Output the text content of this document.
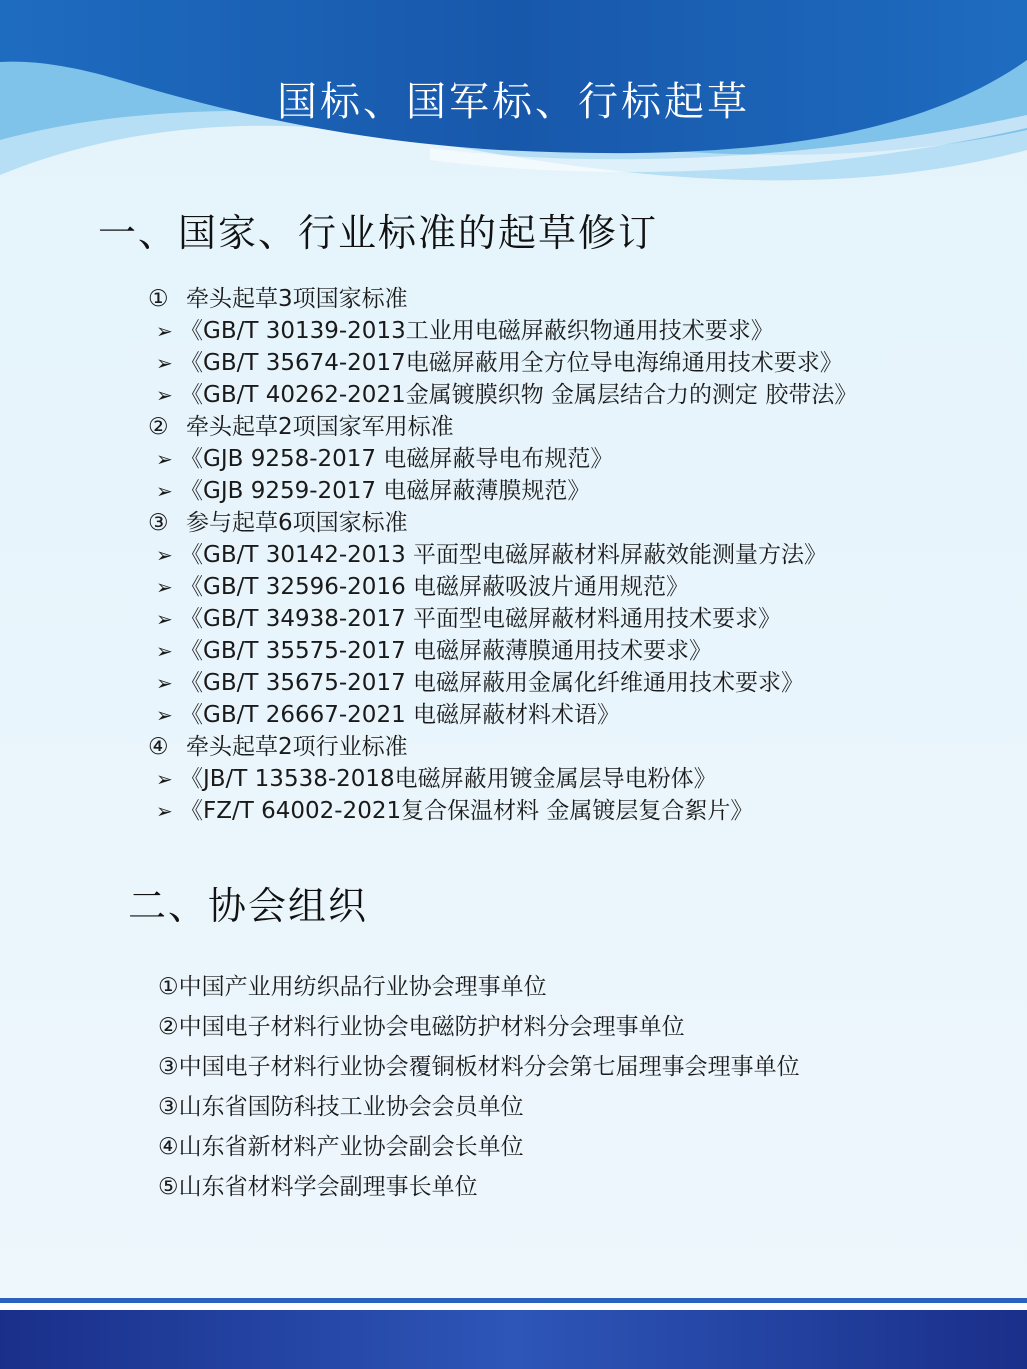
国标、国军标、行标起草
一、国家、行业标准的起草修订
① 牵头起草3项国家标准
➢ 《GB/T 30139-2013工业用电磁屏蔽织物通用技术要求》
➢ 《GB/T 35674-2017电磁屏蔽用全方位导电海绵通用技术要求》
➢ 《GB/T 40262-2021金属镀膜织物 金属层结合力的测定 胶带法》
② 牵头起草2项国家军用标准
➢ 《GJB 9258-2017 电磁屏蔽导电布规范》
➢ 《GJB 9259-2017 电磁屏蔽薄膜规范》
③ 参与起草6项国家标准
➢ 《GB/T 30142-2013 平面型电磁屏蔽材料屏蔽效能测量方法》
➢ 《GB/T 32596-2016 电磁屏蔽吸波片通用规范》
➢ 《GB/T 34938-2017 平面型电磁屏蔽材料通用技术要求》
➢ 《GB/T 35575-2017 电磁屏蔽薄膜通用技术要求》
➢ 《GB/T 35675-2017 电磁屏蔽用金属化纤维通用技术要求》
➢ 《GB/T 26667-2021 电磁屏蔽材料术语》
④ 牵头起草2项行业标准
➢ 《JB/T 13538-2018电磁屏蔽用镀金属层导电粉体》
➢ 《FZ/T 64002-2021复合保温材料 金属镀层复合絮片》
二、协会组织
①中国产业用纺织品行业协会理事单位
②中国电子材料行业协会电磁防护材料分会理事单位
③中国电子材料行业协会覆铜板材料分会第七届理事会理事单位
③山东省国防科技工业协会会员单位
④山东省新材料产业协会副会长单位
⑤山东省材料学会副理事长单位
